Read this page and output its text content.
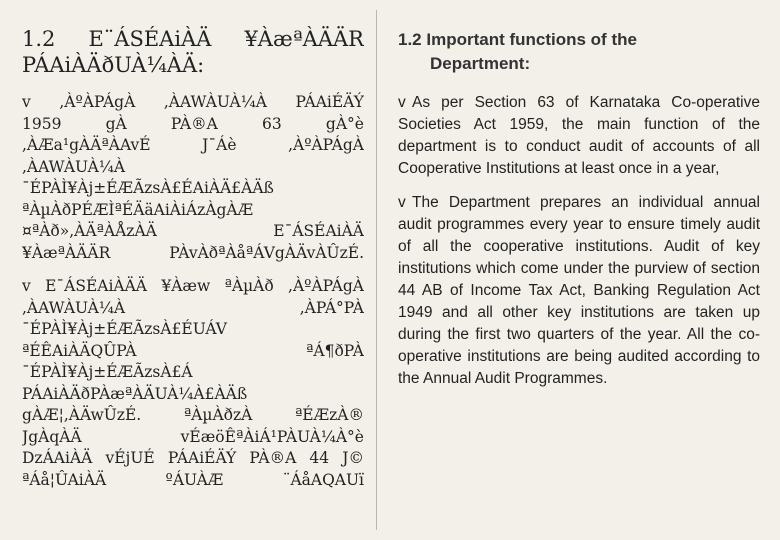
1.2 E¨ÁSÉAiÀÄ ¥ÀæªÀÄÄR
PÁAiÀÄðUÀ¼ÀÄ:
v ,ÀºÀPÁgÀ ,ÀAWÀUÀ¼À PÁAiÉÄÝ
1959	gÀ	PÀ®A	63	gÀ°è
,ÀÆa¹gÀÄªÀAvÉ	J¯Áè	,ÀºÀPÁgÀ
,ÀAWÀUÀ¼À
¯ÉPÀÌ¥Àj±ÉÆÃzsÀ£ÉAiÀÄ£ÀÄß
ªÀµÀðPÉÆÌªÉÄäAiÀiÁzÀgÀÆ
¤ªÀð»,ÀÄªÀÅzÀÄ	E¯ÁSÉAiÀÄ
¥ÀæªÀÄÄR	PÀvÀðªÀåªÁVgÀÄvÀÛzÉ.
v E¯ÁSÉAiÀÄÄ ¥Àæw ªÀµÀð ,ÀºÀPÁgÀ
,ÀAWÀUÀ¼À	,ÀPÁ°PÀ
¯ÉPÀÌ¥Àj±ÉÆÃzsÀ£ÉUÁV
ªÉÊAiÀÄQÛPÀ	ªÁ¶ðPÀ
¯ÉPÀÌ¥Àj±ÉÆÃzsÀ£Á
PÁAiÀÄðPÀæªÀÄUÀ¼À£ÀÄß
gÀÆ¦,ÀÄwÛzÉ.	ªÀµÀðzÀ	ªÉÆzÀ®
JgÀqÀÄ	vÉæöÊªÀiÁ¹PÀUÀ¼À°è
DzÁAiÀÄ vÉjUÉ PÁAiÉÄÝ PÀ®A 44 J©
ªÁå¦ÛAiÀÄ	ºÁUÀÆ	¨ÁåAQAUï
1.2 Important functions of the
Department:

v As per Section 63 of Karnataka Co-operative Societies Act 1959, the main function of the department is to conduct audit of accounts of all Cooperative Institutions at least once in a year,

v The Department prepares an individual annual audit programmes every year to ensure timely audit of all the cooperative institutions. Audit of key institutions which come under the purview of section 44 AB of Income Tax Act, Banking Regulation Act 1949 and all other key institutions are taken up during the first two quarters of the year. All the co-operative institutions are being audited according to the Annual Audit Programmes.
